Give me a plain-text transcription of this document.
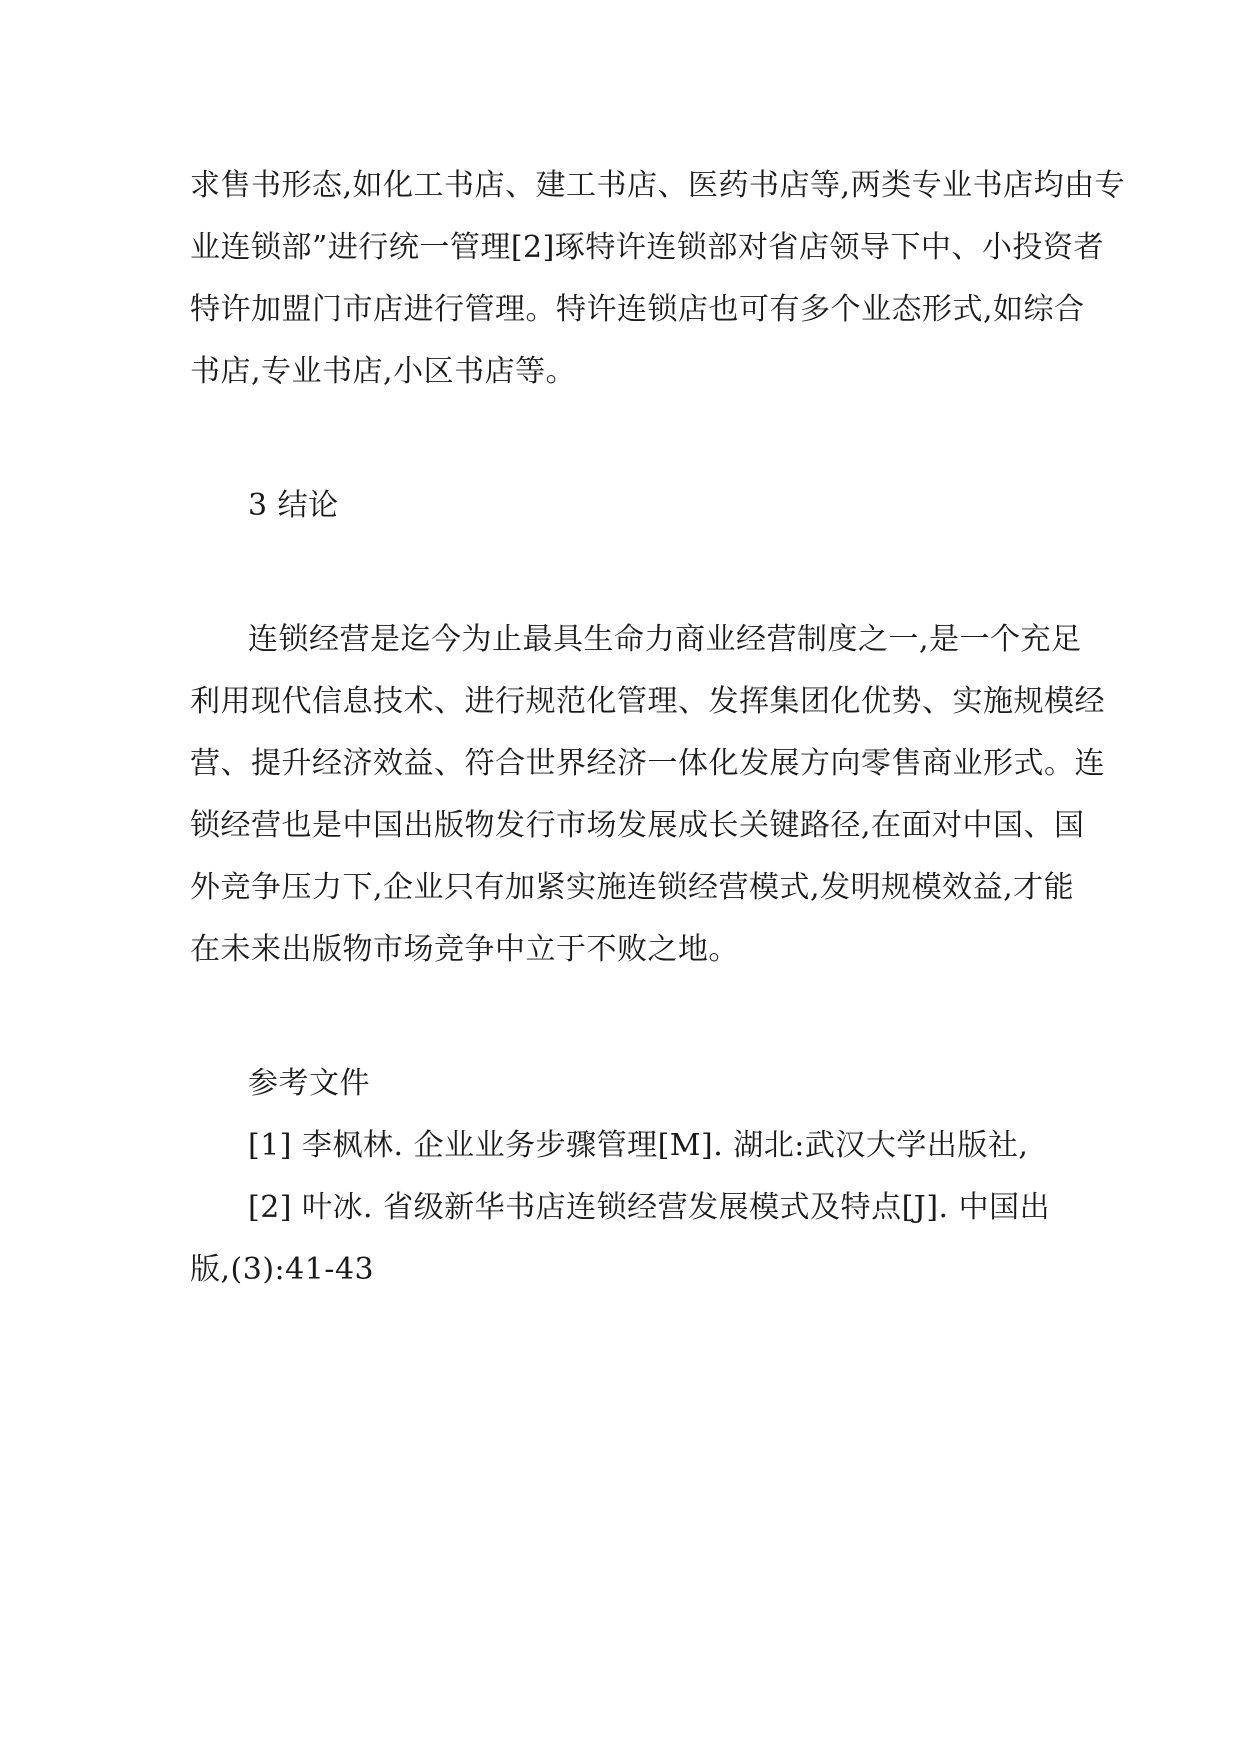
求售书形态,如化工书店、建工书店、医药书店等,两类专业书店均由专
业连锁部”进行统一管理[2]琢特许连锁部对省店领导下中、小投资者
特许加盟门市店进行管理。特许连锁店也可有多个业态形式,如综合
书店,专业书店,小区书店等。
3 结论
连锁经营是迄今为止最具生命力商业经营制度之一,是一个充足
利用现代信息技术、进行规范化管理、发挥集团化优势、实施规模经
营、提升经济效益、符合世界经济一体化发展方向零售商业形式。连
锁经营也是中国出版物发行市场发展成长关键路径,在面对中国、国
外竞争压力下,企业只有加紧实施连锁经营模式,发明规模效益,才能
在未来出版物市场竞争中立于不败之地。
参考文件
[1] 李枫林. 企业业务步骤管理[M]. 湖北:武汉大学出版社,
[2] 叶冰. 省级新华书店连锁经营发展模式及特点[J]. 中国出
版,(3):41-43
